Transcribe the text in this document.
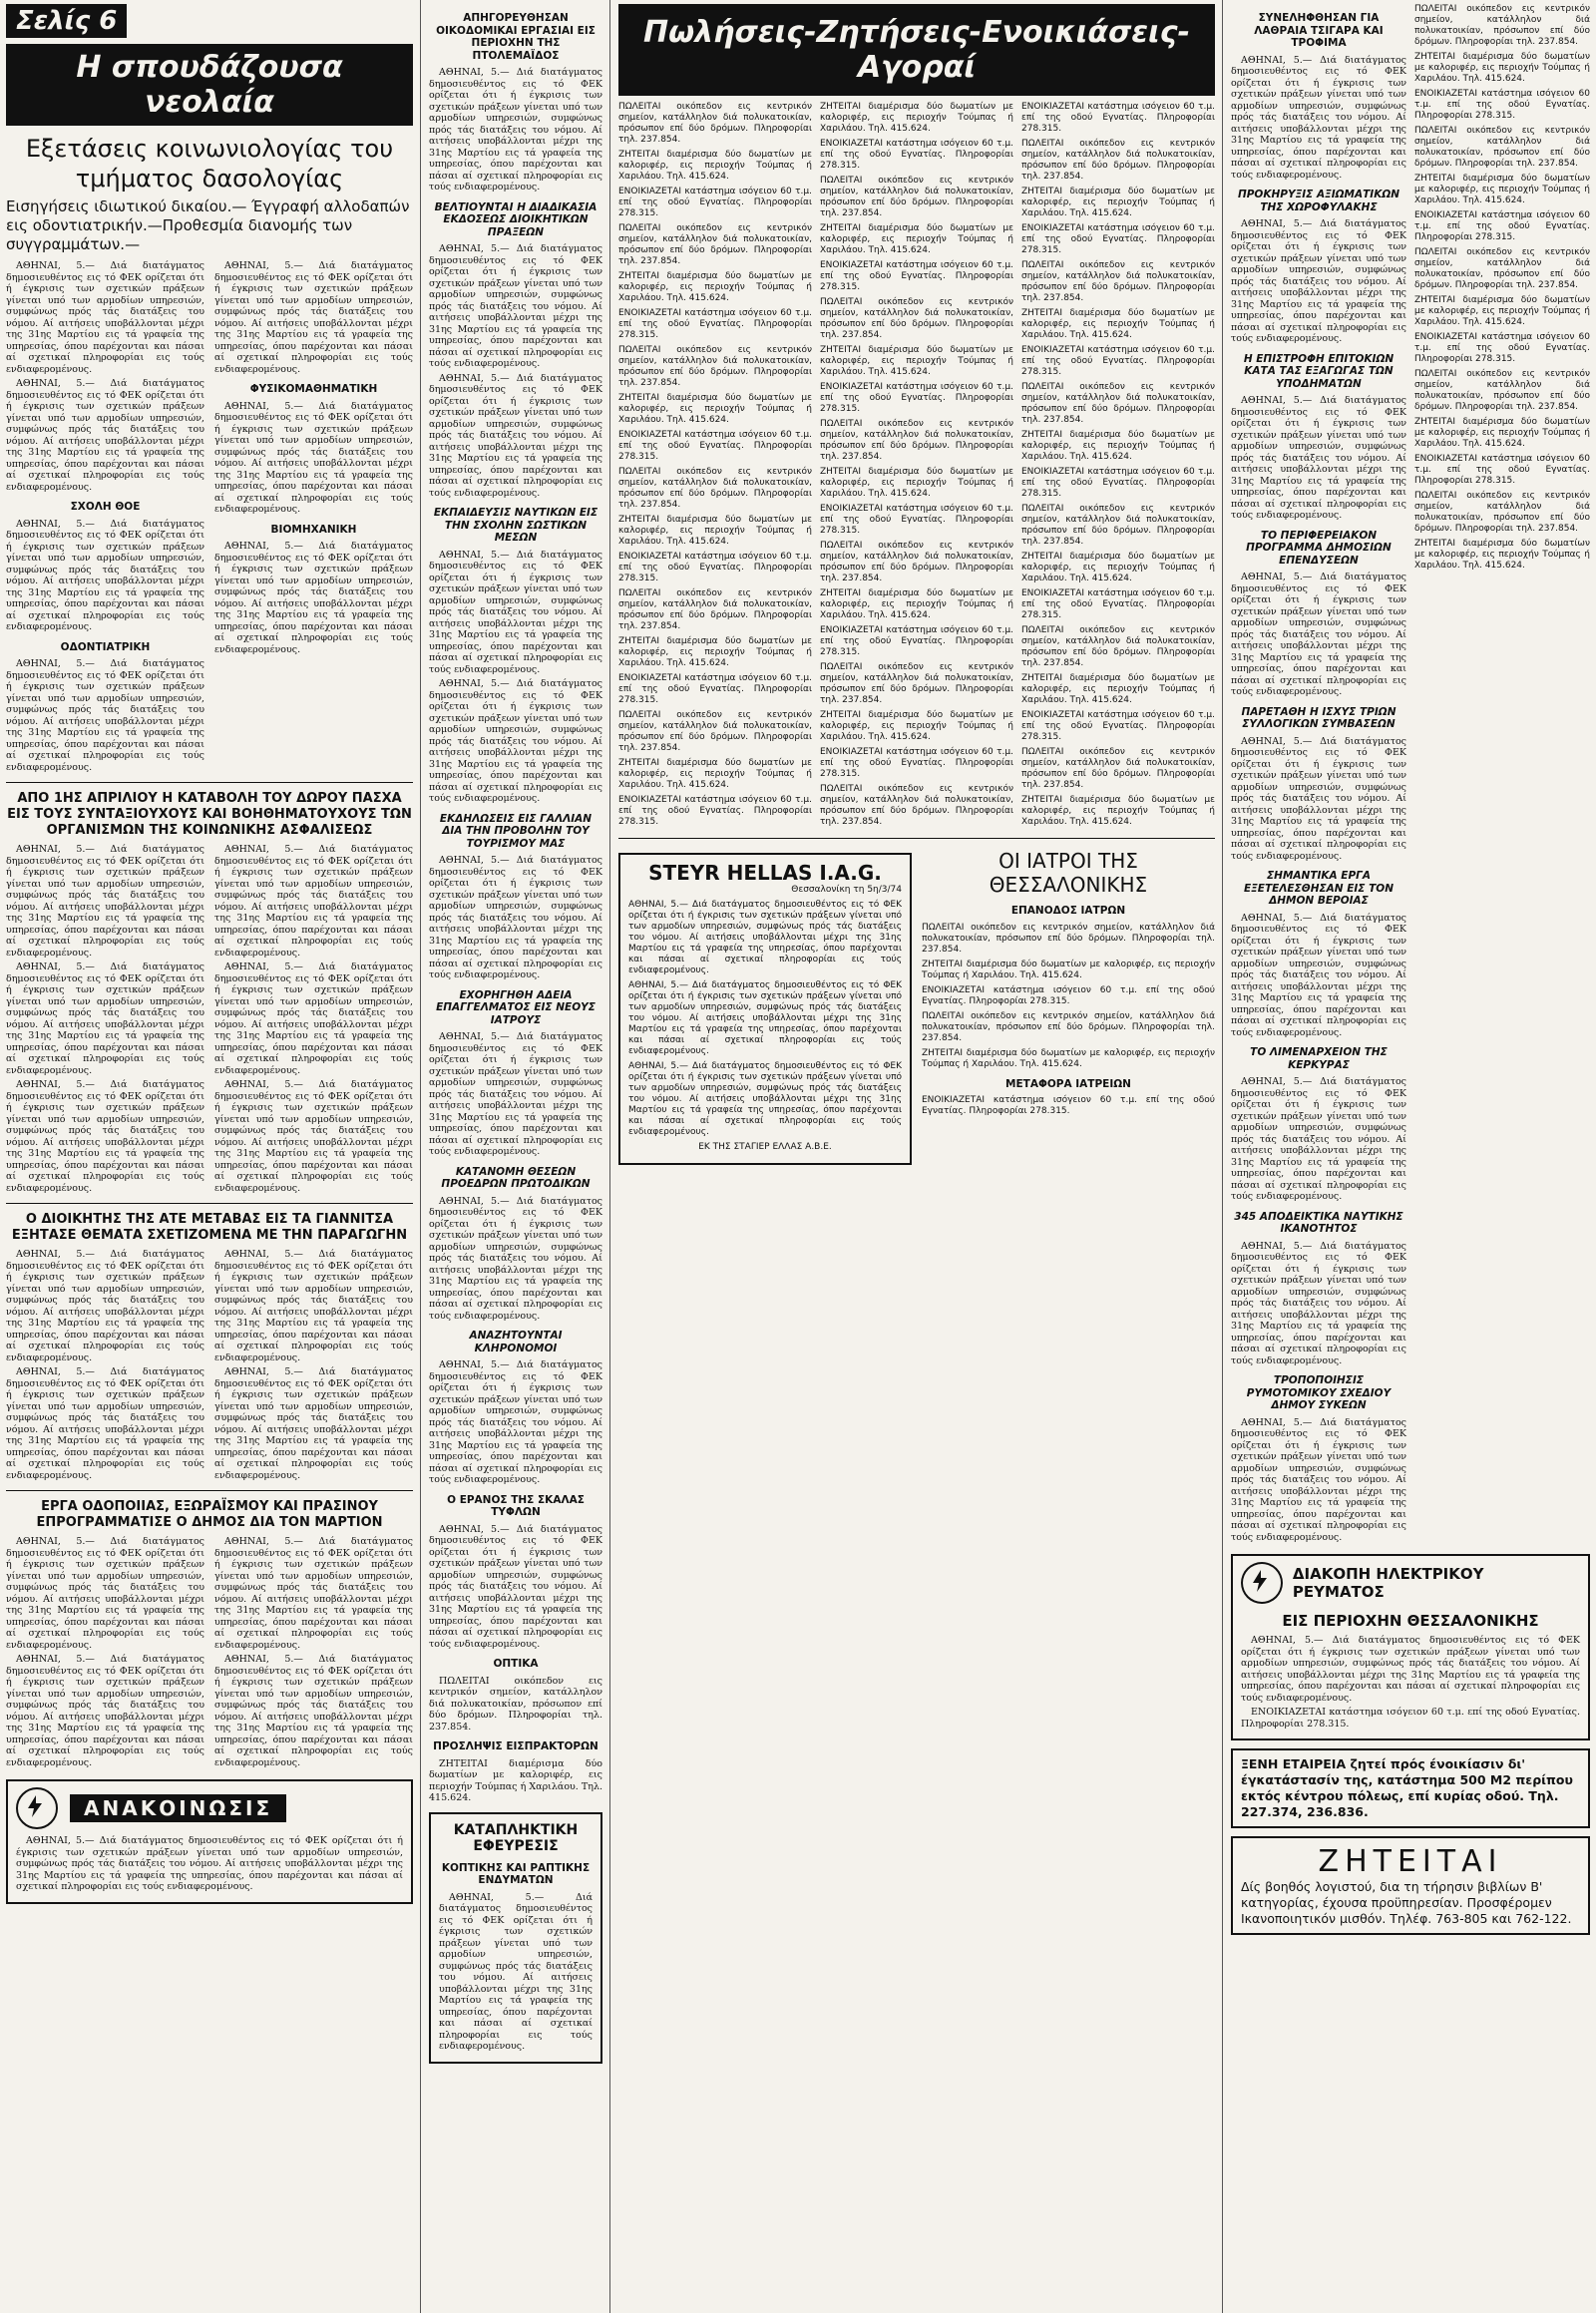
Σελίς 6
Η σπουδάζουσα νεολαία
Εξετάσεις κοινωνιολογίας του τμήματος δασολογίας
Εισηγήσεις ιδιωτικού δικαίου.— Έγγραφή αλλοδαπών εις οδοντιατρικήν.—Προθεσμία διανομής των συγγραμμάτων.—

ΑΘΗΝΑΙ, 5.— Διά διατάγματος δημοσιευθέντος εις τό ΦΕΚ ορίζεται ότι ή έγκρισις των σχετικών πράξεων γίνεται υπό των αρμοδίων υπηρεσιών, συμφώνως πρός τάς διατάξεις του νόμου. Αί αιτήσεις υποβάλλονται μέχρι της 31ης Μαρτίου εις τά γραφεία της υπηρεσίας, όπου παρέχονται και πάσαι αί σχετικαί πληροφορίαι εις τούς ενδιαφερομένους.

ΑΘΗΝΑΙ, 5.— Διά διατάγματος δημοσιευθέντος εις τό ΦΕΚ ορίζεται ότι ή έγκρισις των σχετικών πράξεων γίνεται υπό των αρμοδίων υπηρεσιών, συμφώνως πρός τάς διατάξεις του νόμου. Αί αιτήσεις υποβάλλονται μέχρι της 31ης Μαρτίου εις τά γραφεία της υπηρεσίας, όπου παρέχονται και πάσαι αί σχετικαί πληροφορίαι εις τούς ενδιαφερομένους.

ΣΧΟΛΗ ΘΟΕ

ΑΘΗΝΑΙ, 5.— Διά διατάγματος δημοσιευθέντος εις τό ΦΕΚ ορίζεται ότι ή έγκρισις των σχετικών πράξεων γίνεται υπό των αρμοδίων υπηρεσιών, συμφώνως πρός τάς διατάξεις του νόμου. Αί αιτήσεις υποβάλλονται μέχρι της 31ης Μαρτίου εις τά γραφεία της υπηρεσίας, όπου παρέχονται και πάσαι αί σχετικαί πληροφορίαι εις τούς ενδιαφερομένους.

ΟΔΟΝΤΙΑΤΡΙΚΗ

ΑΘΗΝΑΙ, 5.— Διά διατάγματος δημοσιευθέντος εις τό ΦΕΚ ορίζεται ότι ή έγκρισις των σχετικών πράξεων γίνεται υπό των αρμοδίων υπηρεσιών, συμφώνως πρός τάς διατάξεις του νόμου. Αί αιτήσεις υποβάλλονται μέχρι της 31ης Μαρτίου εις τά γραφεία της υπηρεσίας, όπου παρέχονται και πάσαι αί σχετικαί πληροφορίαι εις τούς ενδιαφερομένους.

ΑΘΗΝΑΙ, 5.— Διά διατάγματος δημοσιευθέντος εις τό ΦΕΚ ορίζεται ότι ή έγκρισις των σχετικών πράξεων γίνεται υπό των αρμοδίων υπηρεσιών, συμφώνως πρός τάς διατάξεις του νόμου. Αί αιτήσεις υποβάλλονται μέχρι της 31ης Μαρτίου εις τά γραφεία της υπηρεσίας, όπου παρέχονται και πάσαι αί σχετικαί πληροφορίαι εις τούς ενδιαφερομένους.

ΦΥΣΙΚΟΜΑΘΗΜΑΤΙΚΗ

ΑΘΗΝΑΙ, 5.— Διά διατάγματος δημοσιευθέντος εις τό ΦΕΚ ορίζεται ότι ή έγκρισις των σχετικών πράξεων γίνεται υπό των αρμοδίων υπηρεσιών, συμφώνως πρός τάς διατάξεις του νόμου. Αί αιτήσεις υποβάλλονται μέχρι της 31ης Μαρτίου εις τά γραφεία της υπηρεσίας, όπου παρέχονται και πάσαι αί σχετικαί πληροφορίαι εις τούς ενδιαφερομένους.

ΒΙΟΜΗΧΑΝΙΚΗ

ΑΘΗΝΑΙ, 5.— Διά διατάγματος δημοσιευθέντος εις τό ΦΕΚ ορίζεται ότι ή έγκρισις των σχετικών πράξεων γίνεται υπό των αρμοδίων υπηρεσιών, συμφώνως πρός τάς διατάξεις του νόμου. Αί αιτήσεις υποβάλλονται μέχρι της 31ης Μαρτίου εις τά γραφεία της υπηρεσίας, όπου παρέχονται και πάσαι αί σχετικαί πληροφορίαι εις τούς ενδιαφερομένους.

ΑΠΟ 1ΗΣ ΑΠΡΙΛΙΟΥ Η ΚΑΤΑΒΟΛΗ ΤΟΥ ΔΩΡΟΥ ΠΑΣΧΑ ΕΙΣ ΤΟΥΣ ΣΥΝΤΑΞΙΟΥΧΟΥΣ ΚΑΙ ΒΟΗΘΗΜΑΤΟΥΧΟΥΣ ΤΩΝ ΟΡΓΑΝΙΣΜΩΝ ΤΗΣ ΚΟΙΝΩΝΙΚΗΣ ΑΣΦΑΛΙΣΕΩΣ

ΑΘΗΝΑΙ, 5.— Διά διατάγματος δημοσιευθέντος εις τό ΦΕΚ ορίζεται ότι ή έγκρισις των σχετικών πράξεων γίνεται υπό των αρμοδίων υπηρεσιών, συμφώνως πρός τάς διατάξεις του νόμου. Αί αιτήσεις υποβάλλονται μέχρι της 31ης Μαρτίου εις τά γραφεία της υπηρεσίας, όπου παρέχονται και πάσαι αί σχετικαί πληροφορίαι εις τούς ενδιαφερομένους.

ΑΘΗΝΑΙ, 5.— Διά διατάγματος δημοσιευθέντος εις τό ΦΕΚ ορίζεται ότι ή έγκρισις των σχετικών πράξεων γίνεται υπό των αρμοδίων υπηρεσιών, συμφώνως πρός τάς διατάξεις του νόμου. Αί αιτήσεις υποβάλλονται μέχρι της 31ης Μαρτίου εις τά γραφεία της υπηρεσίας, όπου παρέχονται και πάσαι αί σχετικαί πληροφορίαι εις τούς ενδιαφερομένους.

ΑΘΗΝΑΙ, 5.— Διά διατάγματος δημοσιευθέντος εις τό ΦΕΚ ορίζεται ότι ή έγκρισις των σχετικών πράξεων γίνεται υπό των αρμοδίων υπηρεσιών, συμφώνως πρός τάς διατάξεις του νόμου. Αί αιτήσεις υποβάλλονται μέχρι της 31ης Μαρτίου εις τά γραφεία της υπηρεσίας, όπου παρέχονται και πάσαι αί σχετικαί πληροφορίαι εις τούς ενδιαφερομένους.

ΑΘΗΝΑΙ, 5.— Διά διατάγματος δημοσιευθέντος εις τό ΦΕΚ ορίζεται ότι ή έγκρισις των σχετικών πράξεων γίνεται υπό των αρμοδίων υπηρεσιών, συμφώνως πρός τάς διατάξεις του νόμου. Αί αιτήσεις υποβάλλονται μέχρι της 31ης Μαρτίου εις τά γραφεία της υπηρεσίας, όπου παρέχονται και πάσαι αί σχετικαί πληροφορίαι εις τούς ενδιαφερομένους.

ΑΘΗΝΑΙ, 5.— Διά διατάγματος δημοσιευθέντος εις τό ΦΕΚ ορίζεται ότι ή έγκρισις των σχετικών πράξεων γίνεται υπό των αρμοδίων υπηρεσιών, συμφώνως πρός τάς διατάξεις του νόμου. Αί αιτήσεις υποβάλλονται μέχρι της 31ης Μαρτίου εις τά γραφεία της υπηρεσίας, όπου παρέχονται και πάσαι αί σχετικαί πληροφορίαι εις τούς ενδιαφερομένους.

ΑΘΗΝΑΙ, 5.— Διά διατάγματος δημοσιευθέντος εις τό ΦΕΚ ορίζεται ότι ή έγκρισις των σχετικών πράξεων γίνεται υπό των αρμοδίων υπηρεσιών, συμφώνως πρός τάς διατάξεις του νόμου. Αί αιτήσεις υποβάλλονται μέχρι της 31ης Μαρτίου εις τά γραφεία της υπηρεσίας, όπου παρέχονται και πάσαι αί σχετικαί πληροφορίαι εις τούς ενδιαφερομένους.

Ο ΔΙΟΙΚΗΤΗΣ ΤΗΣ ΑΤΕ ΜΕΤΑΒΑΣ ΕΙΣ ΤΑ ΓΙΑΝΝΙΤΣΑ ΕΞΗΤΑΣΕ ΘΕΜΑΤΑ ΣΧΕΤΙΖΟΜΕΝΑ ΜΕ ΤΗΝ ΠΑΡΑΓΩΓΗΝ

ΑΘΗΝΑΙ, 5.— Διά διατάγματος δημοσιευθέντος εις τό ΦΕΚ ορίζεται ότι ή έγκρισις των σχετικών πράξεων γίνεται υπό των αρμοδίων υπηρεσιών, συμφώνως πρός τάς διατάξεις του νόμου. Αί αιτήσεις υποβάλλονται μέχρι της 31ης Μαρτίου εις τά γραφεία της υπηρεσίας, όπου παρέχονται και πάσαι αί σχετικαί πληροφορίαι εις τούς ενδιαφερομένους.

ΑΘΗΝΑΙ, 5.— Διά διατάγματος δημοσιευθέντος εις τό ΦΕΚ ορίζεται ότι ή έγκρισις των σχετικών πράξεων γίνεται υπό των αρμοδίων υπηρεσιών, συμφώνως πρός τάς διατάξεις του νόμου. Αί αιτήσεις υποβάλλονται μέχρι της 31ης Μαρτίου εις τά γραφεία της υπηρεσίας, όπου παρέχονται και πάσαι αί σχετικαί πληροφορίαι εις τούς ενδιαφερομένους.

ΑΘΗΝΑΙ, 5.— Διά διατάγματος δημοσιευθέντος εις τό ΦΕΚ ορίζεται ότι ή έγκρισις των σχετικών πράξεων γίνεται υπό των αρμοδίων υπηρεσιών, συμφώνως πρός τάς διατάξεις του νόμου. Αί αιτήσεις υποβάλλονται μέχρι της 31ης Μαρτίου εις τά γραφεία της υπηρεσίας, όπου παρέχονται και πάσαι αί σχετικαί πληροφορίαι εις τούς ενδιαφερομένους.

ΑΘΗΝΑΙ, 5.— Διά διατάγματος δημοσιευθέντος εις τό ΦΕΚ ορίζεται ότι ή έγκρισις των σχετικών πράξεων γίνεται υπό των αρμοδίων υπηρεσιών, συμφώνως πρός τάς διατάξεις του νόμου. Αί αιτήσεις υποβάλλονται μέχρι της 31ης Μαρτίου εις τά γραφεία της υπηρεσίας, όπου παρέχονται και πάσαι αί σχετικαί πληροφορίαι εις τούς ενδιαφερομένους.

ΕΡΓΑ ΟΔΟΠΟΙΙΑΣ, ΕΞΩΡΑΪΣΜΟΥ ΚΑΙ ΠΡΑΣΙΝΟΥ ΕΠΡΟΓΡΑΜΜΑΤΙΣΕ Ο ΔΗΜΟΣ ΔΙΑ ΤΟΝ ΜΑΡΤΙΟΝ

ΑΘΗΝΑΙ, 5.— Διά διατάγματος δημοσιευθέντος εις τό ΦΕΚ ορίζεται ότι ή έγκρισις των σχετικών πράξεων γίνεται υπό των αρμοδίων υπηρεσιών, συμφώνως πρός τάς διατάξεις του νόμου. Αί αιτήσεις υποβάλλονται μέχρι της 31ης Μαρτίου εις τά γραφεία της υπηρεσίας, όπου παρέχονται και πάσαι αί σχετικαί πληροφορίαι εις τούς ενδιαφερομένους.

ΑΘΗΝΑΙ, 5.— Διά διατάγματος δημοσιευθέντος εις τό ΦΕΚ ορίζεται ότι ή έγκρισις των σχετικών πράξεων γίνεται υπό των αρμοδίων υπηρεσιών, συμφώνως πρός τάς διατάξεις του νόμου. Αί αιτήσεις υποβάλλονται μέχρι της 31ης Μαρτίου εις τά γραφεία της υπηρεσίας, όπου παρέχονται και πάσαι αί σχετικαί πληροφορίαι εις τούς ενδιαφερομένους.

ΑΘΗΝΑΙ, 5.— Διά διατάγματος δημοσιευθέντος εις τό ΦΕΚ ορίζεται ότι ή έγκρισις των σχετικών πράξεων γίνεται υπό των αρμοδίων υπηρεσιών, συμφώνως πρός τάς διατάξεις του νόμου. Αί αιτήσεις υποβάλλονται μέχρι της 31ης Μαρτίου εις τά γραφεία της υπηρεσίας, όπου παρέχονται και πάσαι αί σχετικαί πληροφορίαι εις τούς ενδιαφερομένους.

ΑΘΗΝΑΙ, 5.— Διά διατάγματος δημοσιευθέντος εις τό ΦΕΚ ορίζεται ότι ή έγκρισις των σχετικών πράξεων γίνεται υπό των αρμοδίων υπηρεσιών, συμφώνως πρός τάς διατάξεις του νόμου. Αί αιτήσεις υποβάλλονται μέχρι της 31ης Μαρτίου εις τά γραφεία της υπηρεσίας, όπου παρέχονται και πάσαι αί σχετικαί πληροφορίαι εις τούς ενδιαφερομένους.

ΑΝΑΚΟΙΝΩΣΙΣ

ΑΘΗΝΑΙ, 5.— Διά διατάγματος δημοσιευθέντος εις τό ΦΕΚ ορίζεται ότι ή έγκρισις των σχετικών πράξεων γίνεται υπό των αρμοδίων υπηρεσιών, συμφώνως πρός τάς διατάξεις του νόμου. Αί αιτήσεις υποβάλλονται μέχρι της 31ης Μαρτίου εις τά γραφεία της υπηρεσίας, όπου παρέχονται και πάσαι αί σχετικαί πληροφορίαι εις τούς ενδιαφερομένους.

ΑΠΗΓΟΡΕΥΘΗΣΑΝ ΟΙΚΟΔΟΜΙΚΑΙ ΕΡΓΑΣΙΑΙ ΕΙΣ ΠΕΡΙΟΧΗΝ ΤΗΣ ΠΤΟΛΕΜΑΪΔΟΣ

ΑΘΗΝΑΙ, 5.— Διά διατάγματος δημοσιευθέντος εις τό ΦΕΚ ορίζεται ότι ή έγκρισις των σχετικών πράξεων γίνεται υπό των αρμοδίων υπηρεσιών, συμφώνως πρός τάς διατάξεις του νόμου. Αί αιτήσεις υποβάλλονται μέχρι της 31ης Μαρτίου εις τά γραφεία της υπηρεσίας, όπου παρέχονται και πάσαι αί σχετικαί πληροφορίαι εις τούς ενδιαφερομένους.

ΒΕΛΤΙΟΥΝΤΑΙ Η ΔΙΑΔΙΚΑΣΙΑ ΕΚΔΟΣΕΩΣ ΔΙΟΙΚΗΤΙΚΩΝ ΠΡΑΞΕΩΝ

ΑΘΗΝΑΙ, 5.— Διά διατάγματος δημοσιευθέντος εις τό ΦΕΚ ορίζεται ότι ή έγκρισις των σχετικών πράξεων γίνεται υπό των αρμοδίων υπηρεσιών, συμφώνως πρός τάς διατάξεις του νόμου. Αί αιτήσεις υποβάλλονται μέχρι της 31ης Μαρτίου εις τά γραφεία της υπηρεσίας, όπου παρέχονται και πάσαι αί σχετικαί πληροφορίαι εις τούς ενδιαφερομένους.

ΑΘΗΝΑΙ, 5.— Διά διατάγματος δημοσιευθέντος εις τό ΦΕΚ ορίζεται ότι ή έγκρισις των σχετικών πράξεων γίνεται υπό των αρμοδίων υπηρεσιών, συμφώνως πρός τάς διατάξεις του νόμου. Αί αιτήσεις υποβάλλονται μέχρι της 31ης Μαρτίου εις τά γραφεία της υπηρεσίας, όπου παρέχονται και πάσαι αί σχετικαί πληροφορίαι εις τούς ενδιαφερομένους.

ΕΚΠΑΙΔΕΥΣΙΣ ΝΑΥΤΙΚΩΝ ΕΙΣ ΤΗΝ ΣΧΟΛΗΝ ΣΩΣΤΙΚΩΝ ΜΕΣΩΝ

ΑΘΗΝΑΙ, 5.— Διά διατάγματος δημοσιευθέντος εις τό ΦΕΚ ορίζεται ότι ή έγκρισις των σχετικών πράξεων γίνεται υπό των αρμοδίων υπηρεσιών, συμφώνως πρός τάς διατάξεις του νόμου. Αί αιτήσεις υποβάλλονται μέχρι της 31ης Μαρτίου εις τά γραφεία της υπηρεσίας, όπου παρέχονται και πάσαι αί σχετικαί πληροφορίαι εις τούς ενδιαφερομένους.

ΑΘΗΝΑΙ, 5.— Διά διατάγματος δημοσιευθέντος εις τό ΦΕΚ ορίζεται ότι ή έγκρισις των σχετικών πράξεων γίνεται υπό των αρμοδίων υπηρεσιών, συμφώνως πρός τάς διατάξεις του νόμου. Αί αιτήσεις υποβάλλονται μέχρι της 31ης Μαρτίου εις τά γραφεία της υπηρεσίας, όπου παρέχονται και πάσαι αί σχετικαί πληροφορίαι εις τούς ενδιαφερομένους.

ΕΚΔΗΛΩΣΕΙΣ ΕΙΣ ΓΑΛΛΙΑΝ ΔΙΑ ΤΗΝ ΠΡΟΒΟΛΗΝ ΤΟΥ ΤΟΥΡΙΣΜΟΥ ΜΑΣ

ΑΘΗΝΑΙ, 5.— Διά διατάγματος δημοσιευθέντος εις τό ΦΕΚ ορίζεται ότι ή έγκρισις των σχετικών πράξεων γίνεται υπό των αρμοδίων υπηρεσιών, συμφώνως πρός τάς διατάξεις του νόμου. Αί αιτήσεις υποβάλλονται μέχρι της 31ης Μαρτίου εις τά γραφεία της υπηρεσίας, όπου παρέχονται και πάσαι αί σχετικαί πληροφορίαι εις τούς ενδιαφερομένους.

ΕΧΟΡΗΓΗΘΗ ΑΔΕΙΑ ΕΠΑΓΓΕΛΜΑΤΟΣ ΕΙΣ ΝΕΟΥΣ ΙΑΤΡΟΥΣ

ΑΘΗΝΑΙ, 5.— Διά διατάγματος δημοσιευθέντος εις τό ΦΕΚ ορίζεται ότι ή έγκρισις των σχετικών πράξεων γίνεται υπό των αρμοδίων υπηρεσιών, συμφώνως πρός τάς διατάξεις του νόμου. Αί αιτήσεις υποβάλλονται μέχρι της 31ης Μαρτίου εις τά γραφεία της υπηρεσίας, όπου παρέχονται και πάσαι αί σχετικαί πληροφορίαι εις τούς ενδιαφερομένους.

ΚΑΤΑΝΟΜΗ ΘΕΣΕΩΝ ΠΡΟΕΔΡΩΝ ΠΡΩΤΟΔΙΚΩΝ

ΑΘΗΝΑΙ, 5.— Διά διατάγματος δημοσιευθέντος εις τό ΦΕΚ ορίζεται ότι ή έγκρισις των σχετικών πράξεων γίνεται υπό των αρμοδίων υπηρεσιών, συμφώνως πρός τάς διατάξεις του νόμου. Αί αιτήσεις υποβάλλονται μέχρι της 31ης Μαρτίου εις τά γραφεία της υπηρεσίας, όπου παρέχονται και πάσαι αί σχετικαί πληροφορίαι εις τούς ενδιαφερομένους.

ΑΝΑΖΗΤΟΥΝΤΑΙ ΚΛΗΡΟΝΟΜΟΙ

ΑΘΗΝΑΙ, 5.— Διά διατάγματος δημοσιευθέντος εις τό ΦΕΚ ορίζεται ότι ή έγκρισις των σχετικών πράξεων γίνεται υπό των αρμοδίων υπηρεσιών, συμφώνως πρός τάς διατάξεις του νόμου. Αί αιτήσεις υποβάλλονται μέχρι της 31ης Μαρτίου εις τά γραφεία της υπηρεσίας, όπου παρέχονται και πάσαι αί σχετικαί πληροφορίαι εις τούς ενδιαφερομένους.

Ο ΕΡΑΝΟΣ ΤΗΣ ΣΚΑΛΑΣ ΤΥΦΛΩΝ

ΑΘΗΝΑΙ, 5.— Διά διατάγματος δημοσιευθέντος εις τό ΦΕΚ ορίζεται ότι ή έγκρισις των σχετικών πράξεων γίνεται υπό των αρμοδίων υπηρεσιών, συμφώνως πρός τάς διατάξεις του νόμου. Αί αιτήσεις υποβάλλονται μέχρι της 31ης Μαρτίου εις τά γραφεία της υπηρεσίας, όπου παρέχονται και πάσαι αί σχετικαί πληροφορίαι εις τούς ενδιαφερομένους.

ΟΠΤΙΚΑ

ΠΩΛΕΙΤΑΙ οικόπεδον εις κεντρικόν σημείον, κατάλληλον διά πολυκατοικίαν, πρόσωπον επί δύο δρόμων. Πληροφορίαι τηλ. 237.854.

ΠΡΟΣΛΗΨΙΣ ΕΙΣΠΡΑΚΤΟΡΩΝ

ΖΗΤΕΙΤΑΙ διαμέρισμα δύο δωματίων με καλοριφέρ, εις περιοχήν Τούμπας ή Χαριλάου. Τηλ. 415.624.

ΚΑΤΑΠΛΗΚΤΙΚΗ ΕΦΕΥΡΕΣΙΣ
ΚΟΠΤΙΚΗΣ ΚΑΙ ΡΑΠΤΙΚΗΣ ΕΝΔΥΜΑΤΩΝ

ΑΘΗΝΑΙ, 5.— Διά διατάγματος δημοσιευθέντος εις τό ΦΕΚ ορίζεται ότι ή έγκρισις των σχετικών πράξεων γίνεται υπό των αρμοδίων υπηρεσιών, συμφώνως πρός τάς διατάξεις του νόμου. Αί αιτήσεις υποβάλλονται μέχρι της 31ης Μαρτίου εις τά γραφεία της υπηρεσίας, όπου παρέχονται και πάσαι αί σχετικαί πληροφορίαι εις τούς ενδιαφερομένους.

Πωλήσεις-Ζητήσεις-Ενοικιάσεις-Αγοραί

ΠΩΛΕΙΤΑΙ οικόπεδον εις κεντρικόν σημείον, κατάλληλον διά πολυκατοικίαν, πρόσωπον επί δύο δρόμων. Πληροφορίαι τηλ. 237.854.

ΖΗΤΕΙΤΑΙ διαμέρισμα δύο δωματίων με καλοριφέρ, εις περιοχήν Τούμπας ή Χαριλάου. Τηλ. 415.624.

ΕΝΟΙΚΙΑΖΕΤΑΙ κατάστημα ισόγειον 60 τ.μ. επί της οδού Εγνατίας. Πληροφορίαι 278.315.

ΠΩΛΕΙΤΑΙ οικόπεδον εις κεντρικόν σημείον, κατάλληλον διά πολυκατοικίαν, πρόσωπον επί δύο δρόμων. Πληροφορίαι τηλ. 237.854.

ΖΗΤΕΙΤΑΙ διαμέρισμα δύο δωματίων με καλοριφέρ, εις περιοχήν Τούμπας ή Χαριλάου. Τηλ. 415.624.

ΕΝΟΙΚΙΑΖΕΤΑΙ κατάστημα ισόγειον 60 τ.μ. επί της οδού Εγνατίας. Πληροφορίαι 278.315.

ΠΩΛΕΙΤΑΙ οικόπεδον εις κεντρικόν σημείον, κατάλληλον διά πολυκατοικίαν, πρόσωπον επί δύο δρόμων. Πληροφορίαι τηλ. 237.854.

ΖΗΤΕΙΤΑΙ διαμέρισμα δύο δωματίων με καλοριφέρ, εις περιοχήν Τούμπας ή Χαριλάου. Τηλ. 415.624.

ΕΝΟΙΚΙΑΖΕΤΑΙ κατάστημα ισόγειον 60 τ.μ. επί της οδού Εγνατίας. Πληροφορίαι 278.315.

ΠΩΛΕΙΤΑΙ οικόπεδον εις κεντρικόν σημείον, κατάλληλον διά πολυκατοικίαν, πρόσωπον επί δύο δρόμων. Πληροφορίαι τηλ. 237.854.

ΖΗΤΕΙΤΑΙ διαμέρισμα δύο δωματίων με καλοριφέρ, εις περιοχήν Τούμπας ή Χαριλάου. Τηλ. 415.624.

ΕΝΟΙΚΙΑΖΕΤΑΙ κατάστημα ισόγειον 60 τ.μ. επί της οδού Εγνατίας. Πληροφορίαι 278.315.

ΠΩΛΕΙΤΑΙ οικόπεδον εις κεντρικόν σημείον, κατάλληλον διά πολυκατοικίαν, πρόσωπον επί δύο δρόμων. Πληροφορίαι τηλ. 237.854.

ΖΗΤΕΙΤΑΙ διαμέρισμα δύο δωματίων με καλοριφέρ, εις περιοχήν Τούμπας ή Χαριλάου. Τηλ. 415.624.

ΕΝΟΙΚΙΑΖΕΤΑΙ κατάστημα ισόγειον 60 τ.μ. επί της οδού Εγνατίας. Πληροφορίαι 278.315.

ΠΩΛΕΙΤΑΙ οικόπεδον εις κεντρικόν σημείον, κατάλληλον διά πολυκατοικίαν, πρόσωπον επί δύο δρόμων. Πληροφορίαι τηλ. 237.854.

ΖΗΤΕΙΤΑΙ διαμέρισμα δύο δωματίων με καλοριφέρ, εις περιοχήν Τούμπας ή Χαριλάου. Τηλ. 415.624.

ΕΝΟΙΚΙΑΖΕΤΑΙ κατάστημα ισόγειον 60 τ.μ. επί της οδού Εγνατίας. Πληροφορίαι 278.315.

ΖΗΤΕΙΤΑΙ διαμέρισμα δύο δωματίων με καλοριφέρ, εις περιοχήν Τούμπας ή Χαριλάου. Τηλ. 415.624.

ΕΝΟΙΚΙΑΖΕΤΑΙ κατάστημα ισόγειον 60 τ.μ. επί της οδού Εγνατίας. Πληροφορίαι 278.315.

ΠΩΛΕΙΤΑΙ οικόπεδον εις κεντρικόν σημείον, κατάλληλον διά πολυκατοικίαν, πρόσωπον επί δύο δρόμων. Πληροφορίαι τηλ. 237.854.

ΖΗΤΕΙΤΑΙ διαμέρισμα δύο δωματίων με καλοριφέρ, εις περιοχήν Τούμπας ή Χαριλάου. Τηλ. 415.624.

ΕΝΟΙΚΙΑΖΕΤΑΙ κατάστημα ισόγειον 60 τ.μ. επί της οδού Εγνατίας. Πληροφορίαι 278.315.

ΠΩΛΕΙΤΑΙ οικόπεδον εις κεντρικόν σημείον, κατάλληλον διά πολυκατοικίαν, πρόσωπον επί δύο δρόμων. Πληροφορίαι τηλ. 237.854.

ΖΗΤΕΙΤΑΙ διαμέρισμα δύο δωματίων με καλοριφέρ, εις περιοχήν Τούμπας ή Χαριλάου. Τηλ. 415.624.

ΕΝΟΙΚΙΑΖΕΤΑΙ κατάστημα ισόγειον 60 τ.μ. επί της οδού Εγνατίας. Πληροφορίαι 278.315.

ΠΩΛΕΙΤΑΙ οικόπεδον εις κεντρικόν σημείον, κατάλληλον διά πολυκατοικίαν, πρόσωπον επί δύο δρόμων. Πληροφορίαι τηλ. 237.854.

ΖΗΤΕΙΤΑΙ διαμέρισμα δύο δωματίων με καλοριφέρ, εις περιοχήν Τούμπας ή Χαριλάου. Τηλ. 415.624.

ΕΝΟΙΚΙΑΖΕΤΑΙ κατάστημα ισόγειον 60 τ.μ. επί της οδού Εγνατίας. Πληροφορίαι 278.315.

ΠΩΛΕΙΤΑΙ οικόπεδον εις κεντρικόν σημείον, κατάλληλον διά πολυκατοικίαν, πρόσωπον επί δύο δρόμων. Πληροφορίαι τηλ. 237.854.

ΖΗΤΕΙΤΑΙ διαμέρισμα δύο δωματίων με καλοριφέρ, εις περιοχήν Τούμπας ή Χαριλάου. Τηλ. 415.624.

ΕΝΟΙΚΙΑΖΕΤΑΙ κατάστημα ισόγειον 60 τ.μ. επί της οδού Εγνατίας. Πληροφορίαι 278.315.

ΠΩΛΕΙΤΑΙ οικόπεδον εις κεντρικόν σημείον, κατάλληλον διά πολυκατοικίαν, πρόσωπον επί δύο δρόμων. Πληροφορίαι τηλ. 237.854.

ΖΗΤΕΙΤΑΙ διαμέρισμα δύο δωματίων με καλοριφέρ, εις περιοχήν Τούμπας ή Χαριλάου. Τηλ. 415.624.

ΕΝΟΙΚΙΑΖΕΤΑΙ κατάστημα ισόγειον 60 τ.μ. επί της οδού Εγνατίας. Πληροφορίαι 278.315.

ΠΩΛΕΙΤΑΙ οικόπεδον εις κεντρικόν σημείον, κατάλληλον διά πολυκατοικίαν, πρόσωπον επί δύο δρόμων. Πληροφορίαι τηλ. 237.854.

ΕΝΟΙΚΙΑΖΕΤΑΙ κατάστημα ισόγειον 60 τ.μ. επί της οδού Εγνατίας. Πληροφορίαι 278.315.

ΠΩΛΕΙΤΑΙ οικόπεδον εις κεντρικόν σημείον, κατάλληλον διά πολυκατοικίαν, πρόσωπον επί δύο δρόμων. Πληροφορίαι τηλ. 237.854.

ΖΗΤΕΙΤΑΙ διαμέρισμα δύο δωματίων με καλοριφέρ, εις περιοχήν Τούμπας ή Χαριλάου. Τηλ. 415.624.

ΕΝΟΙΚΙΑΖΕΤΑΙ κατάστημα ισόγειον 60 τ.μ. επί της οδού Εγνατίας. Πληροφορίαι 278.315.

ΠΩΛΕΙΤΑΙ οικόπεδον εις κεντρικόν σημείον, κατάλληλον διά πολυκατοικίαν, πρόσωπον επί δύο δρόμων. Πληροφορίαι τηλ. 237.854.

ΖΗΤΕΙΤΑΙ διαμέρισμα δύο δωματίων με καλοριφέρ, εις περιοχήν Τούμπας ή Χαριλάου. Τηλ. 415.624.

ΕΝΟΙΚΙΑΖΕΤΑΙ κατάστημα ισόγειον 60 τ.μ. επί της οδού Εγνατίας. Πληροφορίαι 278.315.

ΠΩΛΕΙΤΑΙ οικόπεδον εις κεντρικόν σημείον, κατάλληλον διά πολυκατοικίαν, πρόσωπον επί δύο δρόμων. Πληροφορίαι τηλ. 237.854.

ΖΗΤΕΙΤΑΙ διαμέρισμα δύο δωματίων με καλοριφέρ, εις περιοχήν Τούμπας ή Χαριλάου. Τηλ. 415.624.

ΕΝΟΙΚΙΑΖΕΤΑΙ κατάστημα ισόγειον 60 τ.μ. επί της οδού Εγνατίας. Πληροφορίαι 278.315.

ΠΩΛΕΙΤΑΙ οικόπεδον εις κεντρικόν σημείον, κατάλληλον διά πολυκατοικίαν, πρόσωπον επί δύο δρόμων. Πληροφορίαι τηλ. 237.854.

ΖΗΤΕΙΤΑΙ διαμέρισμα δύο δωματίων με καλοριφέρ, εις περιοχήν Τούμπας ή Χαριλάου. Τηλ. 415.624.

ΕΝΟΙΚΙΑΖΕΤΑΙ κατάστημα ισόγειον 60 τ.μ. επί της οδού Εγνατίας. Πληροφορίαι 278.315.

ΠΩΛΕΙΤΑΙ οικόπεδον εις κεντρικόν σημείον, κατάλληλον διά πολυκατοικίαν, πρόσωπον επί δύο δρόμων. Πληροφορίαι τηλ. 237.854.

ΖΗΤΕΙΤΑΙ διαμέρισμα δύο δωματίων με καλοριφέρ, εις περιοχήν Τούμπας ή Χαριλάου. Τηλ. 415.624.

ΕΝΟΙΚΙΑΖΕΤΑΙ κατάστημα ισόγειον 60 τ.μ. επί της οδού Εγνατίας. Πληροφορίαι 278.315.

ΠΩΛΕΙΤΑΙ οικόπεδον εις κεντρικόν σημείον, κατάλληλον διά πολυκατοικίαν, πρόσωπον επί δύο δρόμων. Πληροφορίαι τηλ. 237.854.

ΖΗΤΕΙΤΑΙ διαμέρισμα δύο δωματίων με καλοριφέρ, εις περιοχήν Τούμπας ή Χαριλάου. Τηλ. 415.624.

STEYR HELLAS I.A.G.
Θεσσαλονίκη τη 5η/3/74

ΑΘΗΝΑΙ, 5.— Διά διατάγματος δημοσιευθέντος εις τό ΦΕΚ ορίζεται ότι ή έγκρισις των σχετικών πράξεων γίνεται υπό των αρμοδίων υπηρεσιών, συμφώνως πρός τάς διατάξεις του νόμου. Αί αιτήσεις υποβάλλονται μέχρι της 31ης Μαρτίου εις τά γραφεία της υπηρεσίας, όπου παρέχονται και πάσαι αί σχετικαί πληροφορίαι εις τούς ενδιαφερομένους.

ΑΘΗΝΑΙ, 5.— Διά διατάγματος δημοσιευθέντος εις τό ΦΕΚ ορίζεται ότι ή έγκρισις των σχετικών πράξεων γίνεται υπό των αρμοδίων υπηρεσιών, συμφώνως πρός τάς διατάξεις του νόμου. Αί αιτήσεις υποβάλλονται μέχρι της 31ης Μαρτίου εις τά γραφεία της υπηρεσίας, όπου παρέχονται και πάσαι αί σχετικαί πληροφορίαι εις τούς ενδιαφερομένους.

ΑΘΗΝΑΙ, 5.— Διά διατάγματος δημοσιευθέντος εις τό ΦΕΚ ορίζεται ότι ή έγκρισις των σχετικών πράξεων γίνεται υπό των αρμοδίων υπηρεσιών, συμφώνως πρός τάς διατάξεις του νόμου. Αί αιτήσεις υποβάλλονται μέχρι της 31ης Μαρτίου εις τά γραφεία της υπηρεσίας, όπου παρέχονται και πάσαι αί σχετικαί πληροφορίαι εις τούς ενδιαφερομένους.

ΕΚ ΤΗΣ ΣΤΑΓΙΕΡ ΕΛΛΑΣ Α.Β.Ε.
ΟΙ ΙΑΤΡΟΙ ΤΗΣ ΘΕΣΣΑΛΟΝΙΚΗΣ
ΕΠΑΝΟΔΟΣ ΙΑΤΡΩΝ

ΠΩΛΕΙΤΑΙ οικόπεδον εις κεντρικόν σημείον, κατάλληλον διά πολυκατοικίαν, πρόσωπον επί δύο δρόμων. Πληροφορίαι τηλ. 237.854.

ΖΗΤΕΙΤΑΙ διαμέρισμα δύο δωματίων με καλοριφέρ, εις περιοχήν Τούμπας ή Χαριλάου. Τηλ. 415.624.

ΕΝΟΙΚΙΑΖΕΤΑΙ κατάστημα ισόγειον 60 τ.μ. επί της οδού Εγνατίας. Πληροφορίαι 278.315.

ΠΩΛΕΙΤΑΙ οικόπεδον εις κεντρικόν σημείον, κατάλληλον διά πολυκατοικίαν, πρόσωπον επί δύο δρόμων. Πληροφορίαι τηλ. 237.854.

ΖΗΤΕΙΤΑΙ διαμέρισμα δύο δωματίων με καλοριφέρ, εις περιοχήν Τούμπας ή Χαριλάου. Τηλ. 415.624.

ΜΕΤΑΦΟΡΑ ΙΑΤΡΕΙΩΝ

ΕΝΟΙΚΙΑΖΕΤΑΙ κατάστημα ισόγειον 60 τ.μ. επί της οδού Εγνατίας. Πληροφορίαι 278.315.

ΣΥΝΕΛΗΦΘΗΣΑΝ ΓΙΑ ΛΑΘΡΑΙΑ ΤΣΙΓΑΡΑ ΚΑΙ ΤΡΟΦΙΜΑ

ΑΘΗΝΑΙ, 5.— Διά διατάγματος δημοσιευθέντος εις τό ΦΕΚ ορίζεται ότι ή έγκρισις των σχετικών πράξεων γίνεται υπό των αρμοδίων υπηρεσιών, συμφώνως πρός τάς διατάξεις του νόμου. Αί αιτήσεις υποβάλλονται μέχρι της 31ης Μαρτίου εις τά γραφεία της υπηρεσίας, όπου παρέχονται και πάσαι αί σχετικαί πληροφορίαι εις τούς ενδιαφερομένους.

ΠΡΟΚΗΡΥΞΙΣ ΑΞΙΩΜΑΤΙΚΩΝ ΤΗΣ ΧΩΡΟΦΥΛΑΚΗΣ

ΑΘΗΝΑΙ, 5.— Διά διατάγματος δημοσιευθέντος εις τό ΦΕΚ ορίζεται ότι ή έγκρισις των σχετικών πράξεων γίνεται υπό των αρμοδίων υπηρεσιών, συμφώνως πρός τάς διατάξεις του νόμου. Αί αιτήσεις υποβάλλονται μέχρι της 31ης Μαρτίου εις τά γραφεία της υπηρεσίας, όπου παρέχονται και πάσαι αί σχετικαί πληροφορίαι εις τούς ενδιαφερομένους.

Η ΕΠΙΣΤΡΟΦΗ ΕΠΙΤΟΚΙΩΝ ΚΑΤΑ ΤΑΣ ΕΞΑΓΩΓΑΣ ΤΩΝ ΥΠΟΔΗΜΑΤΩΝ

ΑΘΗΝΑΙ, 5.— Διά διατάγματος δημοσιευθέντος εις τό ΦΕΚ ορίζεται ότι ή έγκρισις των σχετικών πράξεων γίνεται υπό των αρμοδίων υπηρεσιών, συμφώνως πρός τάς διατάξεις του νόμου. Αί αιτήσεις υποβάλλονται μέχρι της 31ης Μαρτίου εις τά γραφεία της υπηρεσίας, όπου παρέχονται και πάσαι αί σχετικαί πληροφορίαι εις τούς ενδιαφερομένους.

ΤΟ ΠΕΡΙΦΕΡΕΙΑΚΟΝ ΠΡΟΓΡΑΜΜΑ ΔΗΜΟΣΙΩΝ ΕΠΕΝΔΥΣΕΩΝ

ΑΘΗΝΑΙ, 5.— Διά διατάγματος δημοσιευθέντος εις τό ΦΕΚ ορίζεται ότι ή έγκρισις των σχετικών πράξεων γίνεται υπό των αρμοδίων υπηρεσιών, συμφώνως πρός τάς διατάξεις του νόμου. Αί αιτήσεις υποβάλλονται μέχρι της 31ης Μαρτίου εις τά γραφεία της υπηρεσίας, όπου παρέχονται και πάσαι αί σχετικαί πληροφορίαι εις τούς ενδιαφερομένους.

ΠΑΡΕΤΑΘΗ Η ΙΣΧΥΣ ΤΡΙΩΝ ΣΥΛΛΟΓΙΚΩΝ ΣΥΜΒΑΣΕΩΝ

ΑΘΗΝΑΙ, 5.— Διά διατάγματος δημοσιευθέντος εις τό ΦΕΚ ορίζεται ότι ή έγκρισις των σχετικών πράξεων γίνεται υπό των αρμοδίων υπηρεσιών, συμφώνως πρός τάς διατάξεις του νόμου. Αί αιτήσεις υποβάλλονται μέχρι της 31ης Μαρτίου εις τά γραφεία της υπηρεσίας, όπου παρέχονται και πάσαι αί σχετικαί πληροφορίαι εις τούς ενδιαφερομένους.

ΣΗΜΑΝΤΙΚΑ ΕΡΓΑ ΕΞΕΤΕΛΕΣΘΗΣΑΝ ΕΙΣ ΤΟΝ ΔΗΜΟΝ ΒΕΡΟΙΑΣ

ΑΘΗΝΑΙ, 5.— Διά διατάγματος δημοσιευθέντος εις τό ΦΕΚ ορίζεται ότι ή έγκρισις των σχετικών πράξεων γίνεται υπό των αρμοδίων υπηρεσιών, συμφώνως πρός τάς διατάξεις του νόμου. Αί αιτήσεις υποβάλλονται μέχρι της 31ης Μαρτίου εις τά γραφεία της υπηρεσίας, όπου παρέχονται και πάσαι αί σχετικαί πληροφορίαι εις τούς ενδιαφερομένους.

ΤΟ ΛΙΜΕΝΑΡΧΕΙΟΝ ΤΗΣ ΚΕΡΚΥΡΑΣ

ΑΘΗΝΑΙ, 5.— Διά διατάγματος δημοσιευθέντος εις τό ΦΕΚ ορίζεται ότι ή έγκρισις των σχετικών πράξεων γίνεται υπό των αρμοδίων υπηρεσιών, συμφώνως πρός τάς διατάξεις του νόμου. Αί αιτήσεις υποβάλλονται μέχρι της 31ης Μαρτίου εις τά γραφεία της υπηρεσίας, όπου παρέχονται και πάσαι αί σχετικαί πληροφορίαι εις τούς ενδιαφερομένους.

345 ΑΠΟΔΕΙΚΤΙΚΑ ΝΑΥΤΙΚΗΣ ΙΚΑΝΟΤΗΤΟΣ

ΑΘΗΝΑΙ, 5.— Διά διατάγματος δημοσιευθέντος εις τό ΦΕΚ ορίζεται ότι ή έγκρισις των σχετικών πράξεων γίνεται υπό των αρμοδίων υπηρεσιών, συμφώνως πρός τάς διατάξεις του νόμου. Αί αιτήσεις υποβάλλονται μέχρι της 31ης Μαρτίου εις τά γραφεία της υπηρεσίας, όπου παρέχονται και πάσαι αί σχετικαί πληροφορίαι εις τούς ενδιαφερομένους.

ΤΡΟΠΟΠΟΙΗΣΙΣ ΡΥΜΟΤΟΜΙΚΟΥ ΣΧΕΔΙΟΥ ΔΗΜΟΥ ΣΥΚΕΩΝ

ΑΘΗΝΑΙ, 5.— Διά διατάγματος δημοσιευθέντος εις τό ΦΕΚ ορίζεται ότι ή έγκρισις των σχετικών πράξεων γίνεται υπό των αρμοδίων υπηρεσιών, συμφώνως πρός τάς διατάξεις του νόμου. Αί αιτήσεις υποβάλλονται μέχρι της 31ης Μαρτίου εις τά γραφεία της υπηρεσίας, όπου παρέχονται και πάσαι αί σχετικαί πληροφορίαι εις τούς ενδιαφερομένους.

ΠΩΛΕΙΤΑΙ οικόπεδον εις κεντρικόν σημείον, κατάλληλον διά πολυκατοικίαν, πρόσωπον επί δύο δρόμων. Πληροφορίαι τηλ. 237.854.

ΖΗΤΕΙΤΑΙ διαμέρισμα δύο δωματίων με καλοριφέρ, εις περιοχήν Τούμπας ή Χαριλάου. Τηλ. 415.624.

ΕΝΟΙΚΙΑΖΕΤΑΙ κατάστημα ισόγειον 60 τ.μ. επί της οδού Εγνατίας. Πληροφορίαι 278.315.

ΠΩΛΕΙΤΑΙ οικόπεδον εις κεντρικόν σημείον, κατάλληλον διά πολυκατοικίαν, πρόσωπον επί δύο δρόμων. Πληροφορίαι τηλ. 237.854.

ΖΗΤΕΙΤΑΙ διαμέρισμα δύο δωματίων με καλοριφέρ, εις περιοχήν Τούμπας ή Χαριλάου. Τηλ. 415.624.

ΕΝΟΙΚΙΑΖΕΤΑΙ κατάστημα ισόγειον 60 τ.μ. επί της οδού Εγνατίας. Πληροφορίαι 278.315.

ΠΩΛΕΙΤΑΙ οικόπεδον εις κεντρικόν σημείον, κατάλληλον διά πολυκατοικίαν, πρόσωπον επί δύο δρόμων. Πληροφορίαι τηλ. 237.854.

ΖΗΤΕΙΤΑΙ διαμέρισμα δύο δωματίων με καλοριφέρ, εις περιοχήν Τούμπας ή Χαριλάου. Τηλ. 415.624.

ΕΝΟΙΚΙΑΖΕΤΑΙ κατάστημα ισόγειον 60 τ.μ. επί της οδού Εγνατίας. Πληροφορίαι 278.315.

ΠΩΛΕΙΤΑΙ οικόπεδον εις κεντρικόν σημείον, κατάλληλον διά πολυκατοικίαν, πρόσωπον επί δύο δρόμων. Πληροφορίαι τηλ. 237.854.

ΖΗΤΕΙΤΑΙ διαμέρισμα δύο δωματίων με καλοριφέρ, εις περιοχήν Τούμπας ή Χαριλάου. Τηλ. 415.624.

ΕΝΟΙΚΙΑΖΕΤΑΙ κατάστημα ισόγειον 60 τ.μ. επί της οδού Εγνατίας. Πληροφορίαι 278.315.

ΠΩΛΕΙΤΑΙ οικόπεδον εις κεντρικόν σημείον, κατάλληλον διά πολυκατοικίαν, πρόσωπον επί δύο δρόμων. Πληροφορίαι τηλ. 237.854.

ΖΗΤΕΙΤΑΙ διαμέρισμα δύο δωματίων με καλοριφέρ, εις περιοχήν Τούμπας ή Χαριλάου. Τηλ. 415.624.

ΔΙΑΚΟΠΗ ΗΛΕΚΤΡΙΚΟΥ ΡΕΥΜΑΤΟΣ
ΕΙΣ ΠΕΡΙΟΧΗΝ ΘΕΣΣΑΛΟΝΙΚΗΣ

ΑΘΗΝΑΙ, 5.— Διά διατάγματος δημοσιευθέντος εις τό ΦΕΚ ορίζεται ότι ή έγκρισις των σχετικών πράξεων γίνεται υπό των αρμοδίων υπηρεσιών, συμφώνως πρός τάς διατάξεις του νόμου. Αί αιτήσεις υποβάλλονται μέχρι της 31ης Μαρτίου εις τά γραφεία της υπηρεσίας, όπου παρέχονται και πάσαι αί σχετικαί πληροφορίαι εις τούς ενδιαφερομένους.

ΕΝΟΙΚΙΑΖΕΤΑΙ κατάστημα ισόγειον 60 τ.μ. επί της οδού Εγνατίας. Πληροφορίαι 278.315.

ΞΕΝΗ ΕΤΑΙΡΕΙΑ ζητεί πρός ένοικίασιν δι' έγκατάστασίν της, κατάστημα 500 Μ2 περίπου εκτός κέντρου πόλεως, επί κυρίας οδού. Τηλ. 227.374, 236.836.
ΖΗΤΕΙΤΑΙ
Δίς βοηθός λογιστού, δια τη τήρησιν βιβλίων Β' κατηγορίας, έχουσα προϋπηρεσίαν. Προσφέρομεν Ικανοποιητικόν μισθόν. Τηλέφ. 763-805 και 762-122.
